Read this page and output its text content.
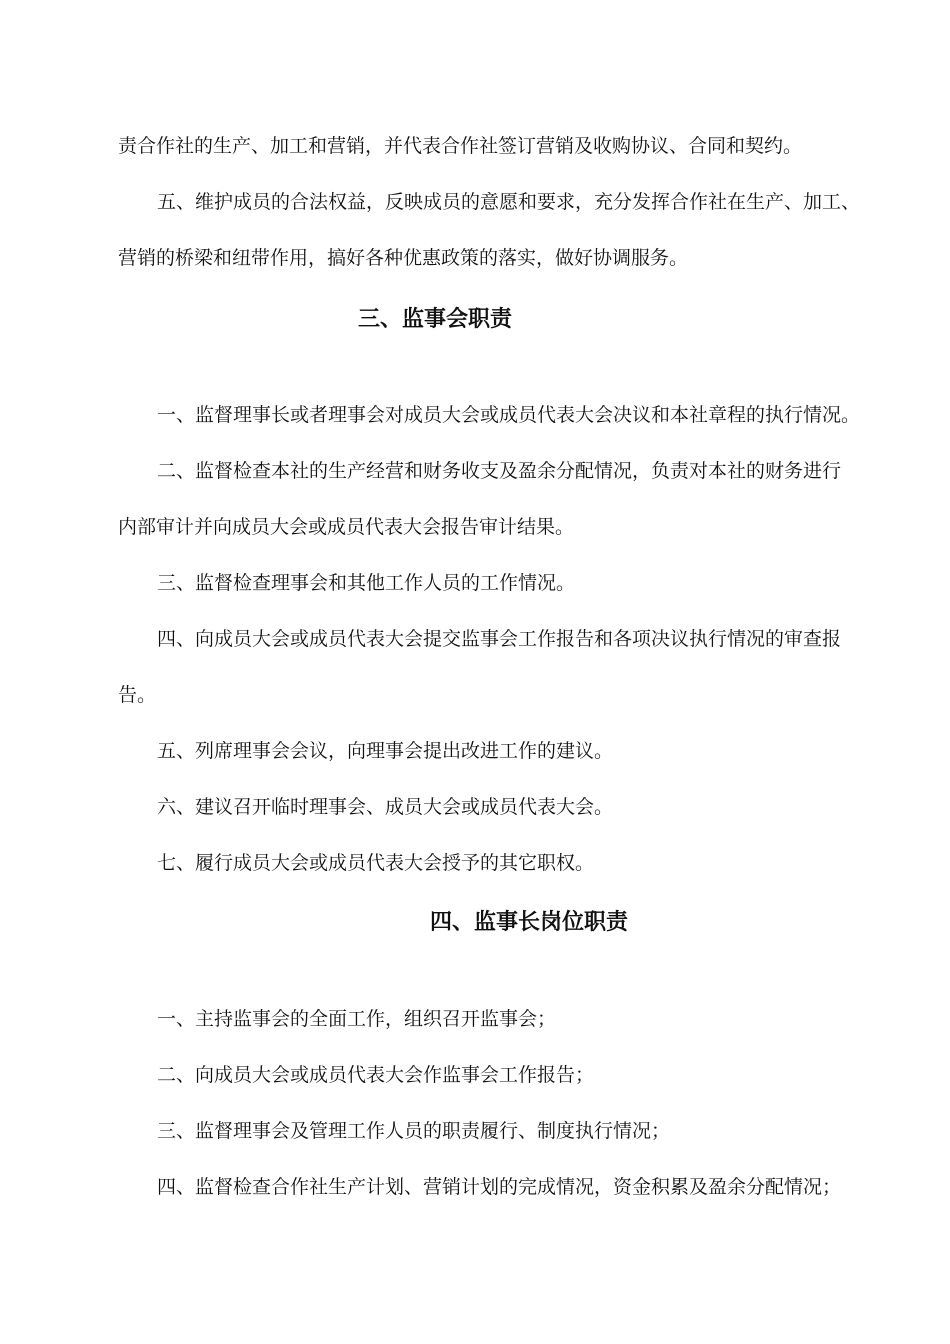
责合作社的生产、加工和营销，并代表合作社签订营销及收购协议、合同和契约。
五、维护成员的合法权益，反映成员的意愿和要求，充分发挥合作社在生产、加工、
营销的桥梁和纽带作用，搞好各种优惠政策的落实，做好协调服务。
三、监事会职责
一、监督理事长或者理事会对成员大会或成员代表大会决议和本社章程的执行情况。
二、监督检查本社的生产经营和财务收支及盈余分配情况，负责对本社的财务进行
内部审计并向成员大会或成员代表大会报告审计结果。
三、监督检查理事会和其他工作人员的工作情况。
四、向成员大会或成员代表大会提交监事会工作报告和各项决议执行情况的审查报
告。
五、列席理事会会议，向理事会提出改进工作的建议。
六、建议召开临时理事会、成员大会或成员代表大会。
七、履行成员大会或成员代表大会授予的其它职权。
四、监事长岗位职责
一、主持监事会的全面工作，组织召开监事会；
二、向成员大会或成员代表大会作监事会工作报告；
三、监督理事会及管理工作人员的职责履行、制度执行情况；
四、监督检查合作社生产计划、营销计划的完成情况，资金积累及盈余分配情况；
